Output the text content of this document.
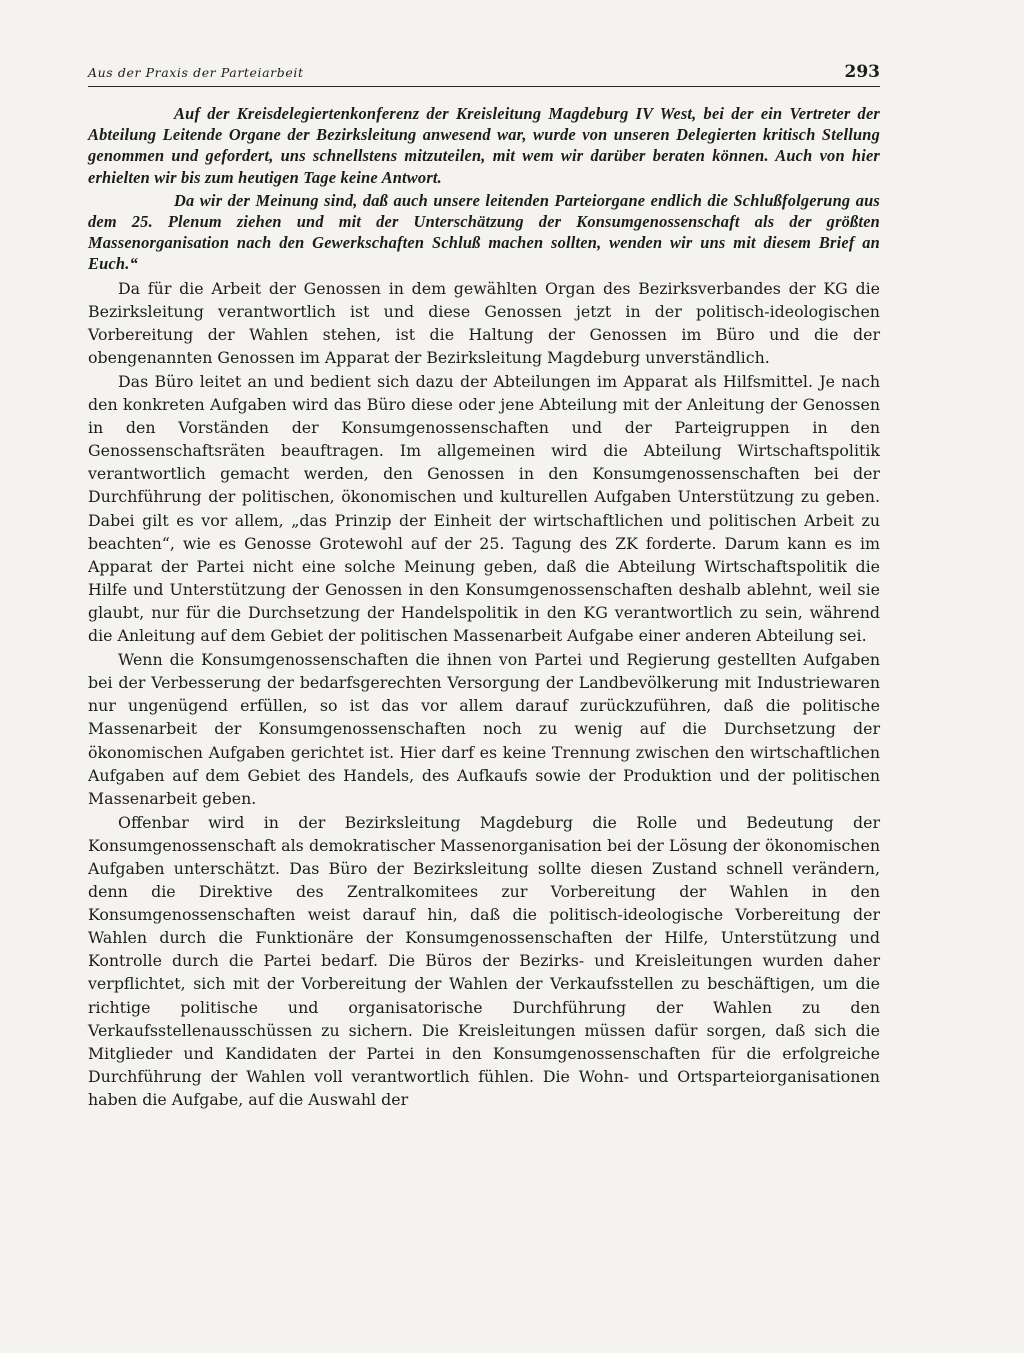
Aus der Praxis der Parteiarbeit	293

Auf der Kreisdelegiertenkonferenz der Kreisleitung Magdeburg IV West, bei der ein Vertreter der Abteilung Leitende Organe der Bezirksleitung anwesend war, wurde von unseren Delegierten kritisch Stellung genommen und gefordert, uns schnellstens mitzuteilen, mit wem wir darüber beraten können. Auch von hier erhielten wir bis zum heutigen Tage keine Antwort.

Da wir der Meinung sind, daß auch unsere leitenden Parteiorgane endlich die Schlußfolgerung aus dem 25. Plenum ziehen und mit der Unterschätzung der Konsumgenossenschaft als der größten Massenorganisation nach den Gewerkschaften Schluß machen sollten, wenden wir uns mit diesem Brief an Euch.“

Da für die Arbeit der Genossen in dem gewählten Organ des Bezirksverbandes der KG die Bezirksleitung verantwortlich ist und diese Genossen jetzt in der politisch-ideologischen Vorbereitung der Wahlen stehen, ist die Haltung der Genossen im Büro und die der obengenannten Genossen im Apparat der Bezirksleitung Magdeburg unverständlich.

Das Büro leitet an und bedient sich dazu der Abteilungen im Apparat als Hilfsmittel. Je nach den konkreten Aufgaben wird das Büro diese oder jene Abteilung mit der Anleitung der Genossen in den Vorständen der Konsumgenossenschaften und der Parteigruppen in den Genossenschaftsräten beauftragen. Im allgemeinen wird die Abteilung Wirtschaftspolitik verantwortlich gemacht werden, den Genossen in den Konsumgenossenschaften bei der Durchführung der politischen, ökonomischen und kulturellen Aufgaben Unterstützung zu geben. Dabei gilt es vor allem, „das Prinzip der Einheit der wirtschaftlichen und politischen Arbeit zu beachten“, wie es Genosse Grotewohl auf der 25. Tagung des ZK forderte. Darum kann es im Apparat der Partei nicht eine solche Meinung geben, daß die Abteilung Wirtschaftspolitik die Hilfe und Unterstützung der Genossen in den Konsumgenossenschaften deshalb ablehnt, weil sie glaubt, nur für die Durchsetzung der Handelspolitik in den KG verantwortlich zu sein, während die Anleitung auf dem Gebiet der politischen Massenarbeit Aufgabe einer anderen Abteilung sei.

Wenn die Konsumgenossenschaften die ihnen von Partei und Regierung gestellten Aufgaben bei der Verbesserung der bedarfsgerechten Versorgung der Landbevölkerung mit Industriewaren nur ungenügend erfüllen, so ist das vor allem darauf zurückzuführen, daß die politische Massenarbeit der Konsumgenossenschaften noch zu wenig auf die Durchsetzung der ökonomischen Aufgaben gerichtet ist. Hier darf es keine Trennung zwischen den wirtschaftlichen Aufgaben auf dem Gebiet des Handels, des Aufkaufs sowie der Produktion und der politischen Massenarbeit geben.

Offenbar wird in der Bezirksleitung Magdeburg die Rolle und Bedeutung der Konsumgenossenschaft als demokratischer Massenorganisation bei der Lösung der ökonomischen Aufgaben unterschätzt. Das Büro der Bezirksleitung sollte diesen Zustand schnell verändern, denn die Direktive des Zentralkomitees zur Vorbereitung der Wahlen in den Konsumgenossenschaften weist darauf hin, daß die politisch-ideologische Vorbereitung der Wahlen durch die Funktionäre der Konsumgenossenschaften der Hilfe, Unterstützung und Kontrolle durch die Partei bedarf. Die Büros der Bezirks- und Kreisleitungen wurden daher verpflichtet, sich mit der Vorbereitung der Wahlen der Verkaufsstellen zu beschäftigen, um die richtige politische und organisatorische Durchführung der Wahlen zu den Verkaufsstellenausschüssen zu sichern. Die Kreisleitungen müssen dafür sorgen, daß sich die Mitglieder und Kandidaten der Partei in den Konsumgenossenschaften für die erfolgreiche Durchführung der Wahlen voll verantwortlich fühlen. Die Wohn- und Ortsparteiorganisationen haben die Aufgabe, auf die Auswahl der
